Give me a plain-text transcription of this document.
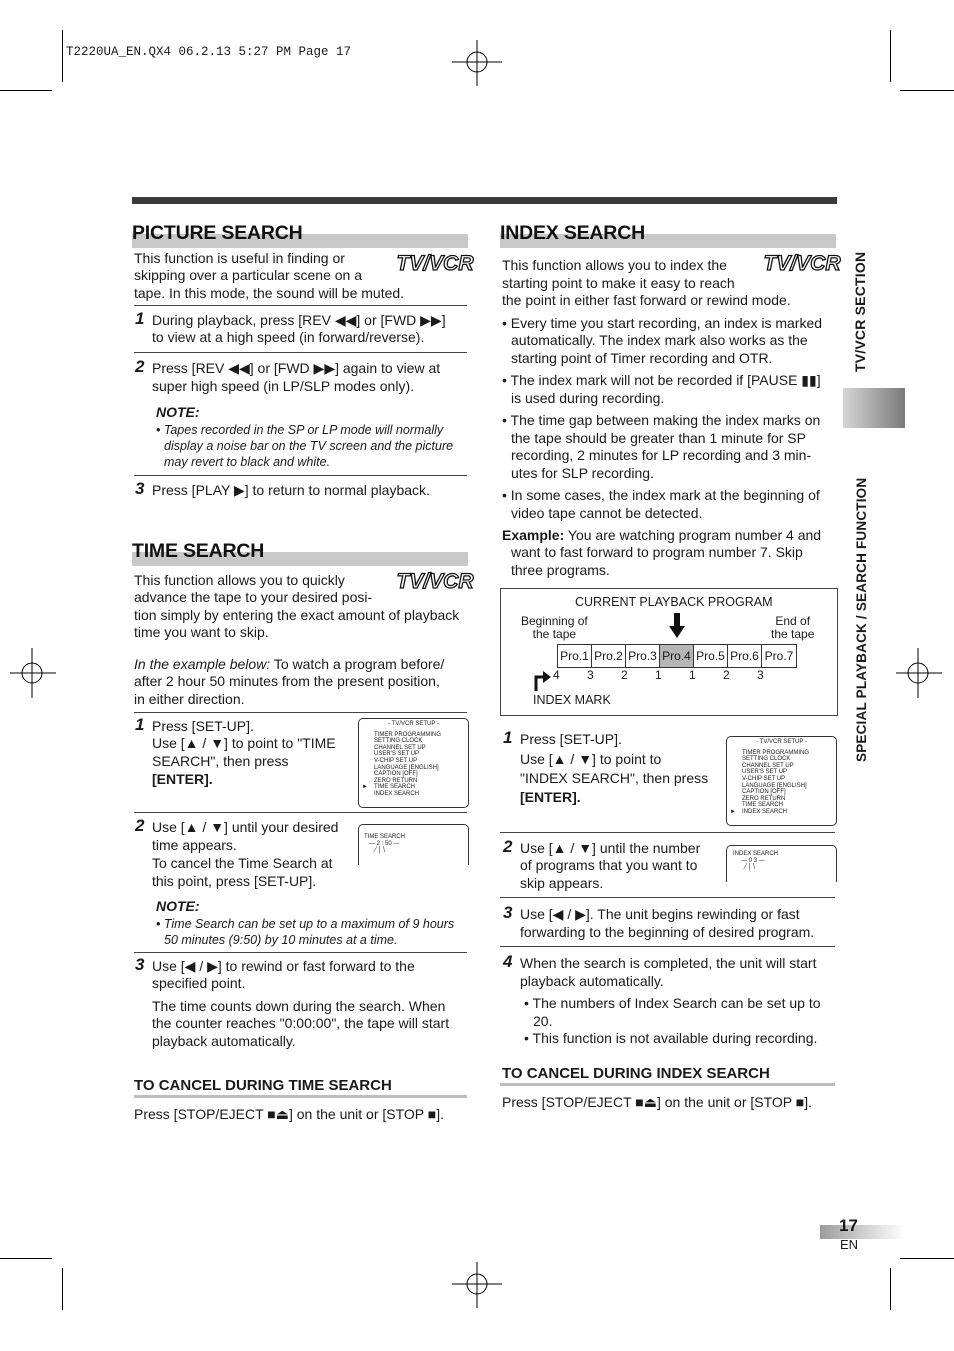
T2220UA_EN.QX4 06.2.13 5:27 PM Page 17
PICTURE SEARCH
TV/VCR
This function is useful in finding or
skipping over a particular scene on a
tape. In this mode, the sound will be muted.
1 During playback, press [REV ◀◀] or [FWD ▶▶]
to view at a high speed (in forward/reverse).
2 Press [REV ◀◀] or [FWD ▶▶] again to view at
super high speed (in LP/SLP modes only).
NOTE:
• Tapes recorded in the SP or LP mode will normally
display a noise bar on the TV screen and the picture
may revert to black and white.
3 Press [PLAY ▶] to return to normal playback.
TIME SEARCH
TV/VCR
This function allows you to quickly
advance the tape to your desired posi-
tion simply by entering the exact amount of playback
time you want to skip.
In the example below: To watch a program before/
after 2 hour 50 minutes from the present position,
in either direction.
1 Press [SET-UP].
Use [▲ / ▼] to point to "TIME
SEARCH", then press
[ENTER].
- TV/VCR SETUP -
TIMER PROGRAMMING
SETTING CLOCK
CHANNEL SET UP
USER'S SET UP
V-CHIP SET UP
LANGUAGE [ENGLISH]
CAPTION [OFF]
ZERO RETURN
► TIME SEARCH
INDEX SEARCH
2 Use [▲ / ▼] until your desired
time appears.
To cancel the Time Search at
this point, press [SET-UP].
TIME SEARCH
— 2 : 50 —
⁄ | \
NOTE:
• Time Search can be set up to a maximum of 9 hours
50 minutes (9:50) by 10 minutes at a time.
3 Use [◀ / ▶] to rewind or fast forward to the
specified point.
The time counts down during the search. When
the counter reaches "0:00:00", the tape will start
playback automatically.
TO CANCEL DURING TIME SEARCH
Press [STOP/EJECT ■⏏] on the unit or [STOP ■].
INDEX SEARCH
TV/VCR
This function allows you to index the
starting point to make it easy to reach
the point in either fast forward or rewind mode.
• Every time you start recording, an index is marked
automatically. The index mark also works as the
starting point of Timer recording and OTR.
• The index mark will not be recorded if [PAUSE ▮▮]
is used during recording.
• The time gap between making the index marks on
the tape should be greater than 1 minute for SP
recording, 2 minutes for LP recording and 3 min-
utes for SLP recording.
• In some cases, the index mark at the beginning of
video tape cannot be detected.
Example: You are watching program number 4 and
want to fast forward to program number 7. Skip
three programs.
CURRENT PLAYBACK PROGRAM
Beginning of
the tape
End of
the tape
Pro.1 Pro.2 Pro.3 Pro.4 Pro.5 Pro.6 Pro.7
4 3 2 1 1 2 3
INDEX MARK
1 Press [SET-UP].
Use [▲ / ▼] to point to
"INDEX SEARCH", then press
[ENTER].
- TV/VCR SETUP -
TIMER PROGRAMMING
SETTING CLOCK
CHANNEL SET UP
USER'S SET UP
V-CHIP SET UP
LANGUAGE [ENGLISH]
CAPTION [OFF]
ZERO RETURN
TIME SEARCH
► INDEX SEARCH
2 Use [▲ / ▼] until the number
of programs that you want to
skip appears.
INDEX SEARCH
— 0 3 —
⁄ | \
3 Use [◀ / ▶]. The unit begins rewinding or fast
forwarding to the beginning of desired program.
4 When the search is completed, the unit will start
playback automatically.
• The numbers of Index Search can be set up to
20.
• This function is not available during recording.
TO CANCEL DURING INDEX SEARCH
Press [STOP/EJECT ■⏏] on the unit or [STOP ■].
TV/VCR SECTION
SPECIAL PLAYBACK / SEARCH FUNCTION
17
EN
